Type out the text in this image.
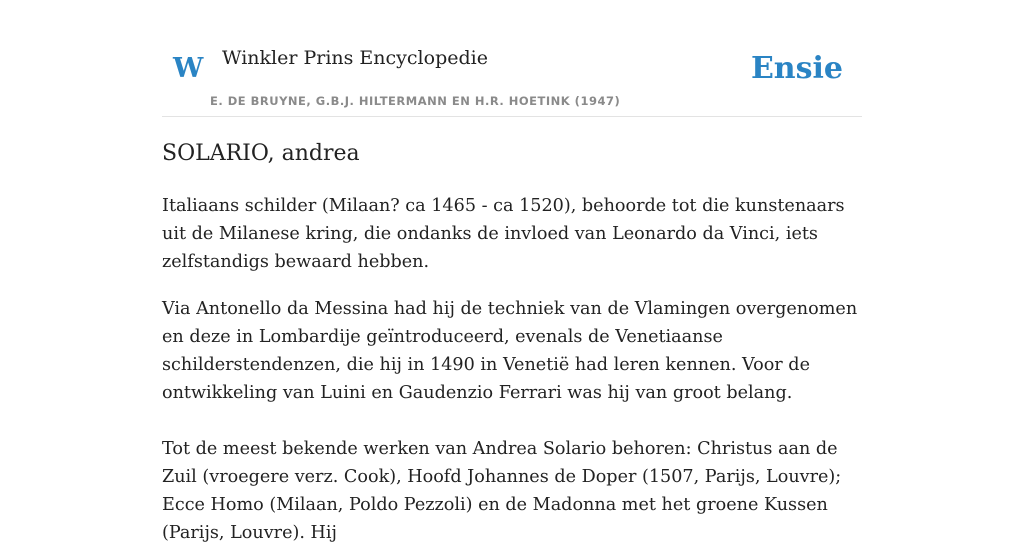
W Winkler Prins Encyclopedie
E. DE BRUYNE, G.B.J. HILTERMANN EN H.R. HOETINK (1947)
Ensie
SOLARIO, andrea

Italiaans schilder (Milaan? ca 1465 - ca 1520), behoorde tot die kunstenaars uit de Milanese kring, die ondanks de invloed van Leonardo da Vinci, iets zelfstandigs bewaard hebben.

Via Antonello da Messina had hij de techniek van de Vlamingen overgenomen en deze in Lombardije geïntroduceerd, evenals de Venetiaanse schilderstendenzen, die hij in 1490 in Venetië had leren kennen. Voor de ontwikkeling van Luini en Gaudenzio Ferrari was hij van groot belang.

Tot de meest bekende werken van Andrea Solario behoren: Christus aan de Zuil (vroegere verz. Cook), Hoofd Johannes de Doper (1507, Parijs, Louvre); Ecce Homo (Milaan, Poldo Pezzoli) en de Madonna met het groene Kussen (Parijs, Louvre). Hij
